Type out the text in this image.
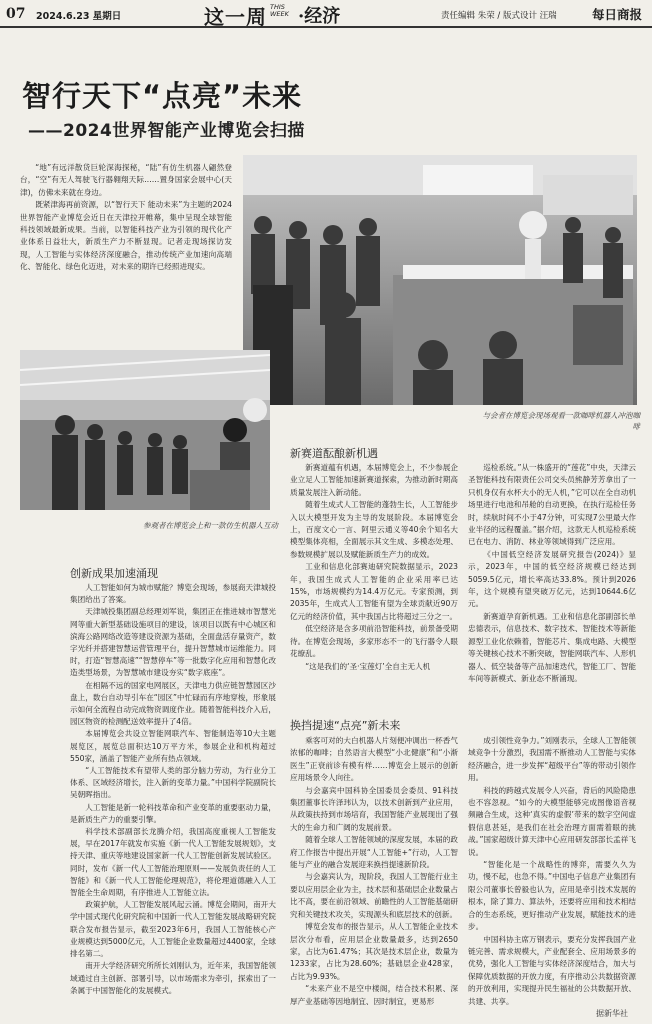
07 2024.6.23 星期日	这一周 THIS WEEK ·经济	责任编辑 朱荣 / 版式设计 汪瑞	每日商报
智行天下“点亮”未来
——2024世界智能产业博览会扫描

“地”有远洋散货巨轮深海探秘，“陆”有仿生机器人翩然登台，“空”有无人驾驶飞行器翱翔天际……置身国家会展中心(天津)，仿佛未来就在身边。

既紧津海再前资源，以“智行天下 能动未来”为主题的2024世界智能产业博览会近日在天津拉开帷幕，集中呈现全球智能科技领域最新成果。当前，以智能科技产业为引领的现代化产业体系日益壮大，新质生产力不断显现。记者走现场探访发现，人工智能与实体经济深度融合，推动传统产业加速向高端化、智能化、绿色化迈进，对未来的期许已经照进现实。

与会者在博览会现场观看一款咖啡机器人冲泡咖啡
参观者在博览会上和一款仿生机器人互动
新赛道酝酿新机遇

新赛道蕴有机遇，本届博览会上，不少参展企业立足人工智能加速新赛道探索，为推动新时期高质量发展注入新动能。

随着生成式人工智能的蓬勃生长，人工智能步入以大模型开发为主导的发展阶段。本届博览会上，百度文心一言、阿里云通义等40余个知名大模型集体亮相，全面展示其文生成、多模态处理、参数规模扩展以及赋能新质生产力的成效。

工业和信息化部赛迪研究院数据显示，2023年，我国生成式人工智能的企业采用率已达15%，市场规模约为14.4万亿元。专家预测，到2035年，生成式人工智能有望为全球贡献近90万亿元的经济价值，其中我国占比将超过三分之一。

低空经济是含多项前沿智能科技，前景备受期待。在博览会现场，多家形态不一的飞行器令人眼花缭乱。

“这是我们的‘圣·宝莲灯’全自主无人机

巡检系统。”从一株盛开的“莲花”中央，天津云圣智能科技有限责任公司交头员熊静芳芳拿出了一只机身仅有水杯大小的无人机，”它可以在全自动机场里进行电池和吊舱的自动更换，在执行巡检任务时，续航时间不小于47分钟，可实现7公里最大作业半径的远程覆盖。”据介绍，这款无人机巡检系统已在电力、消防、林业等领域得到广泛应用。

《中国低空经济发展研究报告(2024)》显示，2023年，中国的低空经济规模已经达到5059.5亿元，增长率高达33.8%。预计到2026年，这个规模有望突破万亿元，达到10644.6亿元。

新赛道孕育新机遇。工业和信息化部副部长单忠德表示，信息技术、数字技术、智能技术等新能源型工业化依赖着，智能芯片、集成电路、大模型等关键核心技术不断突破，智能网联汽车、人形机器人、低空装备等产品加速迭代，智能工厂、智能车间等新模式、新业态不断涌现。

创新成果加速涌现

人工智能如何为城市赋能？博览会现场，参展商天津城投集团给出了答案。

天津城投集团副总经理刘军说，集团正在推进城市智慧光网等重大新型基础设施项目的建设，该项目以既有中心城区和滨海公路网络改造等建设资源为基础，全面盘活存量资产，数字光纤并搭建智慧运营管理平台，提升智慧城市运维能力。同时，打造“智慧高速”“智慧停车”等一批数字化应用和智慧化改造类型场景，为智慧城市建设夯实“数字底座”。

在相隔不远的国家电网展区，天津电力供应链智慧园区沙盘上，数台自动导引车在“园区”中忙碌而有序地穿梭，形象展示如何全流程自动完成物资调度作业。随着智能科技介入后，园区物资的检测配送效率提升了4倍。

本届博览会共设立智能网联汽车、智能制造等10大主题展览区，展览总面积达10万平方米，参展企业和机构超过550家，涵盖了智能产业所有热点领域。

“人工智能技术有望带人类的部分脑力劳动，为行业分工体系、区域经济增长，注入新的变革力量。”中国科学院副院长吴朝晖指出。

人工智能是新一轮科技革命和产业变革的重要驱动力量，是新质生产力的重要引擎。

科学技术部副部长龙腾介绍，我国高度重视人工智能发展，早在2017年就发布实施《新一代人工智能发展规划》，支持天津、重庆等地建设国家新一代人工智能创新发展试验区。同时，发布《新一代人工智能治理原则——发展负责任的人工智能》和《新一代人工智能伦理规范》，将伦理道德融入人工智能全生命周期，有序推进人工智能立法。

政策护航，人工智能发展风起云涌。博览会期间，南开大学中国式现代化研究院和中国新一代人工智能发展战略研究院联合发布报告显示，截至2023年6月，我国人工智能核心产业规模达到5000亿元，人工智能企业数量超过4400家，全球排名第二。

南开大学经济研究所所长刘刚认为，近年来，我国智能领域通过自主创新、部署引导，以市场需求为牵引，探索出了一条属于中国智能化的发展模式。

换挡提速“点亮”新未来

乘客可对的大白机器人片刻便冲调出一杯香气浓郁的咖啡；自然语言大模型“小北健康”和“小渐医生”正衰前诊有模有样……博览会上展示的创新应用场景令人向往。

与会嘉宾中国科协全国委员会委员、91科技集团董事长许泽玮认为，以技术创新到产业应用，从政策扶持到市场培育，我国智能产业展现出了强大的生命力和广阔的发展前景。

随着全球人工智能领域的深度发展，本届的政府工作报告中提出开展“人工智能+”行动，人工智能与产业的融合发展迎来换挡提速新阶段。

与会嘉宾认为，现阶段，我国人工智能行业主要以应用层企业为主，技术层和基础层企业数量占比不高，要在前沿领域、前瞻性的人工智能基础研究和关键技术攻关，实现源头和底层技术的创新。

博览会发布的报告显示，从人工智能企业技术层次分布看，应用层企业数量最多，达到2650家，占比为61.47%；其次是技术层企业，数量为1233家，占比为28.60%；基础层企业428家，占比为9.93%。

“未来产业不是空中楼阁，结合技术积累、深厚产业基础等因地制宜、因时制宜，更易形

成引领性竞争力。”刘刚表示，全球人工智能领域竞争十分激烈，我国需不断推动人工智能与实体经济融合，进一步发挥“超级平台”等的带动引领作用。

科技的跨越式发展令人兴奋，背后的风险隐患也不容忽视。“如今的大模型能够完成图像语音视频融合生成，这种‘真实的虚假’带来的数字空间虚假信息甚延，是我们在社会治理方面需着眼的挑战。”国家超级计算天津中心应用研发部部长孟祥飞说。

“智能化是一个战略性的博弈，需要久久为功，慢不起，也急不得。”中国电子信息产业集团有限公司董事长曾毅也认为，应用是牵引技术发展的根本，除了算力、算法外，还要将应用和技术相结合的生态系统，更好推动产业发展，赋能技术的进步。

中国科协主席万钢表示，要充分发挥我国产业链完善、需求规模大，产业配套全、应用场景多的优势，强化人工智能与实体经济深度结合，加大与保障优质数据的开放力度，有序推动公共数据资源的开放利用，实现提升民生福祉的公共数据开放、共建、共享。

据新华社
